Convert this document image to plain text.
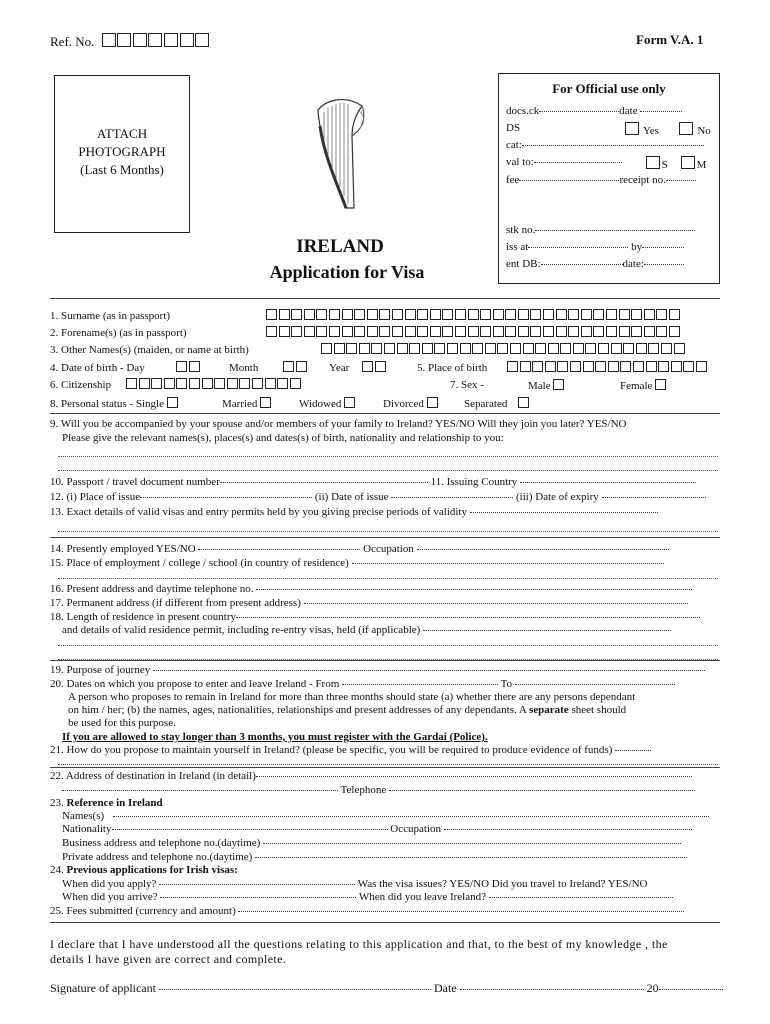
Ref. No.	Form V.A. 1
ATTACH
PHOTOGRAPH
(Last 6 Months)
IRELAND
Application for Visa
For Official use only
docs.ck	date
DS	Yes	No
cat:
val to:	S	M
fee	receipt no.
stk no.
iss at	by
ent DB:	date:
1. Surname (as in passport)
2. Forename(s) (as in passport)
3. Other Names(s) (maiden, or name at birth)
4. Date of birth - Day	Month	Year	5. Place of birth
6. Citizenship	7. Sex -	Male	Female
8. Personal status - Single	Married	Widowed	Divorced	Separated
9. Will you be accompanied by your spouse and/or members of your family to Ireland? YES/NO Will they join you later? YES/NO
Please give the relevant names(s), places(s) and dates(s) of birth, nationality and relationship to you:
10. Passport / travel document number	11. Issuing Country
12. (i) Place of issue	(ii) Date of issue	(iii) Date of expiry
13. Exact details of valid visas and entry permits held by you giving precise periods of validity
14. Presently employed YES/NO	Occupation
15. Place of employment / college / school (in country of residence)
16. Present address and daytime telephone no.
17. Permanent address (if different from present address)
18. Length of residence in present country
and details of valid residence permit, including re-entry visas, held (if applicable)
19. Purpose of journey
20. Dates on which you propose to enter and leave Ireland - From	To
A person who proposes to remain in Ireland for more than three months should state (a) whether there are any persons dependant
on him / her; (b) the names, ages, nationalities, relationships and present addresses of any dependants. A separate sheet should
be used for this purpose.
If you are allowed to stay longer than 3 months, you must register with the Gardai (Police).
21. How do you propose to maintain yourself in Ireland? (please be specific, you will be required to produce evidence of funds)
22. Address of destination in Ireland (in detail)
Telephone
23. Reference in Ireland
Names(s)
Nationality	Occupation
Business address and telephone no.(daytime)
Private address and telephone no.(daytime)
24. Previous applications for Irish visas:
When did you apply?	Was the visa issues? YES/NO Did you travel to Ireland? YES/NO
When did you arrive?	When did you leave Ireland?
25. Fees submitted (currency and amount)
I declare that I have understood all the questions relating to this application and that, to the best of my knowledge , the
details I have given are correct and complete.
Signature of applicant	Date	20
